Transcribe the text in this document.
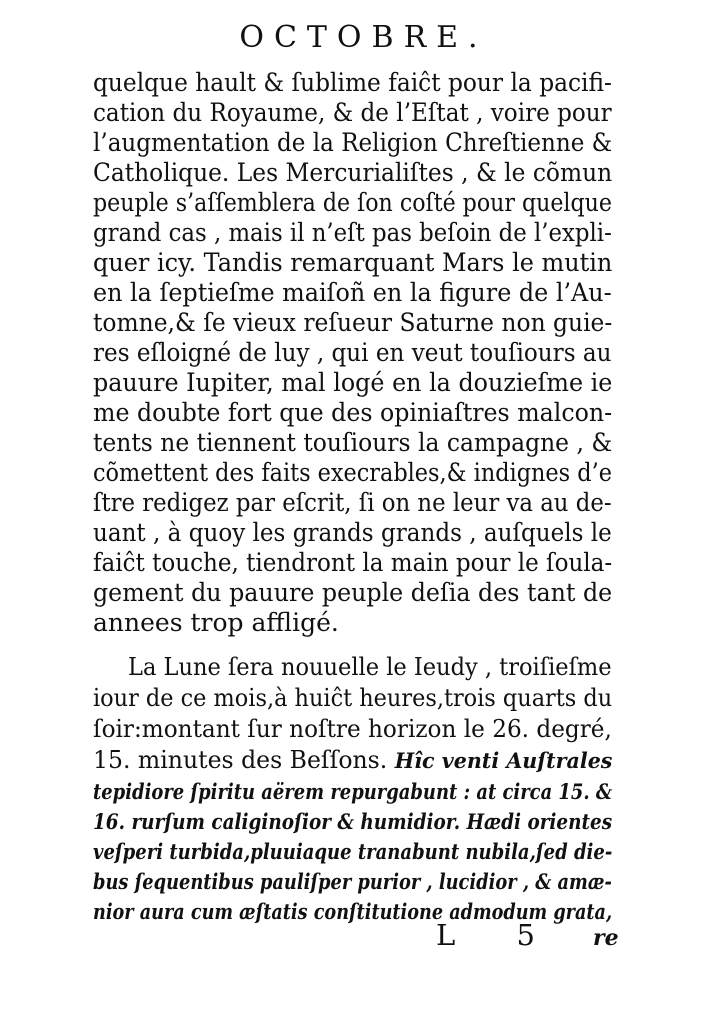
OCTOBRE.
quelque hault & ſublime faiĉt pour la pacifi-
cation du Royaume, & de l’Eſtat , voire pour
l’augmentation de la Religion Chreſtienne &
Catholique. Les Mercurialiſtes , & le cõmun
peuple s’aſſemblera de ſon coſté pour quelque
grand cas , mais il n’eſt pas beſoin de l’expli-
quer icy. Tandis remarquant Mars le mutin
en la ſeptieſme maiſoñ en la figure de l’Au-
tomne,& ſe vieux reſueur Saturne non guie-
res eſloigné de luy , qui en veut touſiours au
pauure Iupiter, mal logé en la douzieſme ie
me doubte fort que des opiniaſtres malcon-
tents ne tiennent touſiours la campagne , &
cõmettent des faits execrables,& indignes d’e
ſtre redigez par eſcrit, ſi on ne leur va au de-
uant , à quoy les grands grands , auſquels le
faiĉt touche, tiendront la main pour le ſoula-
gement du pauure peuple deſia des tant de
annees trop affligé.
La Lune ſera nouuelle le Ieudy , troiſieſme
iour de ce mois,à huiĉt heures,trois quarts du
ſoir:montant ſur noſtre horizon le 26. degré,
15. minutes des Beſſons. Hîc venti Auſtrales
tepidiore ſpiritu aërem repurgabunt : at circa 15. &
16. rurſum caliginoſior & humidior. Hædi orientes
veſperi turbida,pluuiaque tranabunt nubila,ſed die-
bus ſequentibus pauliſper purior , lucidior , & amæ-
nior aura cum æſtatis conſtitutione admodum grata,
L 5 re
